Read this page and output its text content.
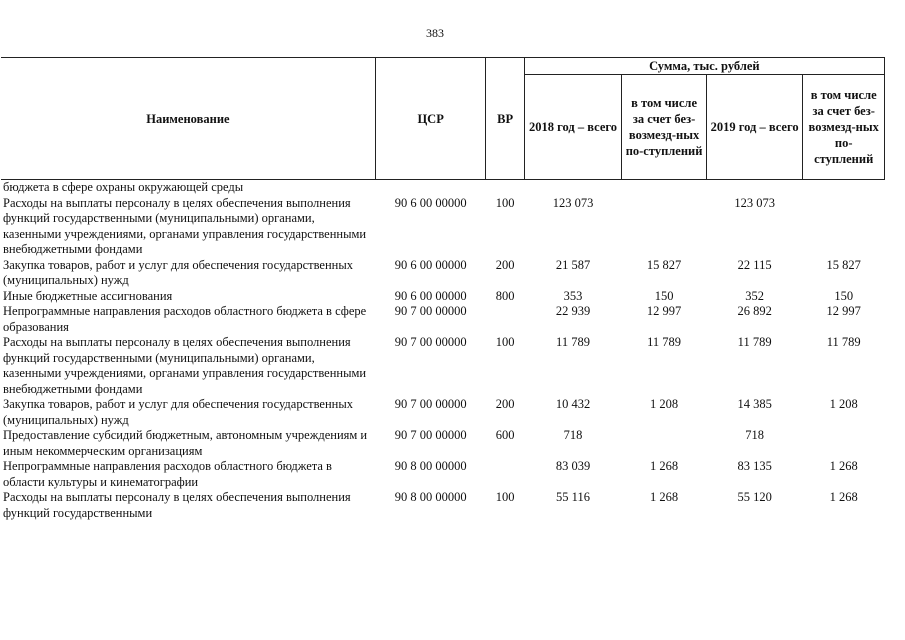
383
Наименование	ЦСР	ВР	Сумма, тыс. рублей			
			2018 год – всего	в том числе за счет без-возмезд-ных по-ступлений	2019 год – всего	в том числе за счет без-возмезд-ных по-ступлений
бюджета в сфере охраны окружающей среды						
Расходы на выплаты персоналу в целях обеспечения выполнения функций государственными (муниципальными) органами, казенными учреждениями, органами управления государственными внебюджетными фондами	90 6 00 00000	100	123 073		123 073	
Закупка товаров, работ и услуг для обеспечения государственных (муниципальных) нужд	90 6 00 00000	200	21 587	15 827	22 115	15 827
Иные бюджетные ассигнования	90 6 00 00000	800	353	150	352	150
Непрограммные направления расходов областного бюджета в сфере образования	90 7 00 00000		22 939	12 997	26 892	12 997
Расходы на выплаты персоналу в целях обеспечения выполнения функций государственными (муниципальными) органами, казенными учреждениями, органами управления государственными внебюджетными фондами	90 7 00 00000	100	11 789	11 789	11 789	11 789
Закупка товаров, работ и услуг для обеспечения государственных (муниципальных) нужд	90 7 00 00000	200	10 432	1 208	14 385	1 208
Предоставление субсидий бюджетным, автономным учреждениям и иным некоммерческим организациям	90 7 00 00000	600	718		718	
Непрограммные направления расходов областного бюджета в области культуры и кинематографии	90 8 00 00000		83 039	1 268	83 135	1 268
Расходы на выплаты персоналу в целях обеспечения выполнения функций государственными	90 8 00 00000	100	55 116	1 268	55 120	1 268
